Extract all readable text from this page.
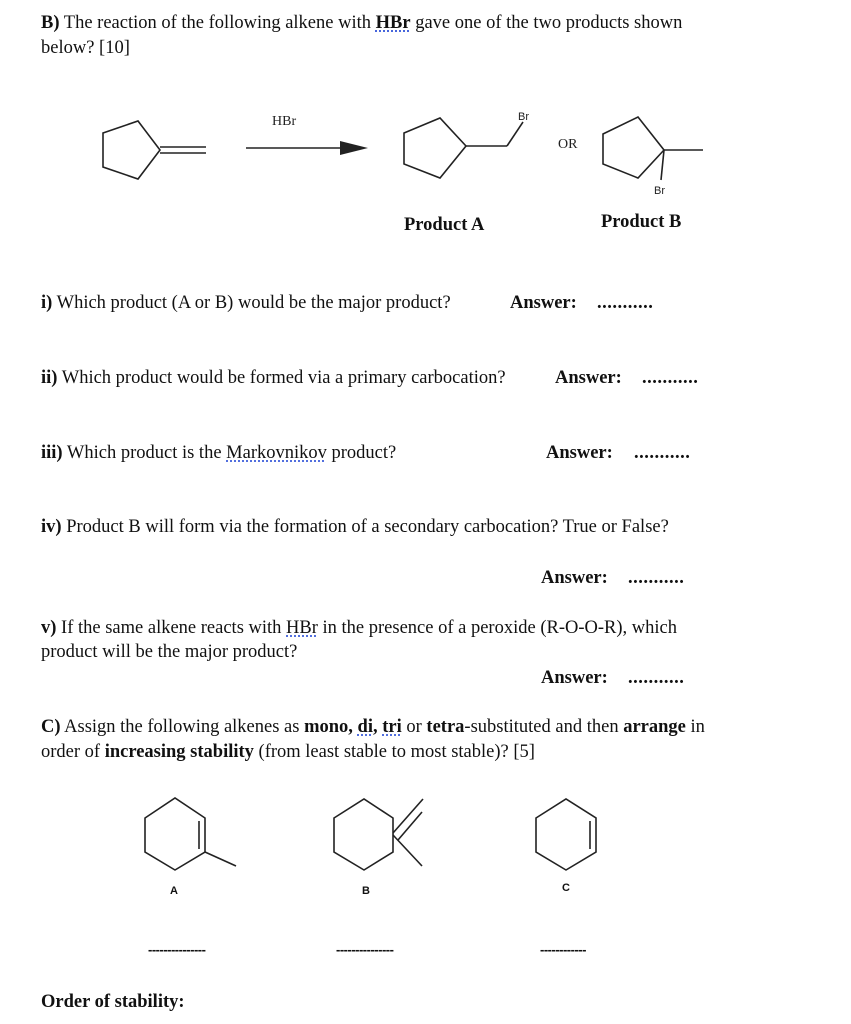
B) The reaction of the following alkene with HBr gave one of the two products shown
below? [10]
HBr	Br
OR
Br
Product A	Product B
i) Which product (A or B) would be the major product?	Answer: ...........
ii) Which product would be formed via a primary carbocation?	Answer: ...........
iii) Which product is the Markovnikov product?	Answer: ...........
iv) Product B will form via the formation of a secondary carbocation? True or False?
Answer: ...........
v) If the same alkene reacts with HBr in the presence of a peroxide (R-O-O-R), which
product will be the major product?
Answer: ...........
C) Assign the following alkenes as mono, di, tri or tetra-substituted and then arrange in
order of increasing stability (from least stable to most stable)? [5]
A	B	C
---------------	---------------	------------
Order of stability:
